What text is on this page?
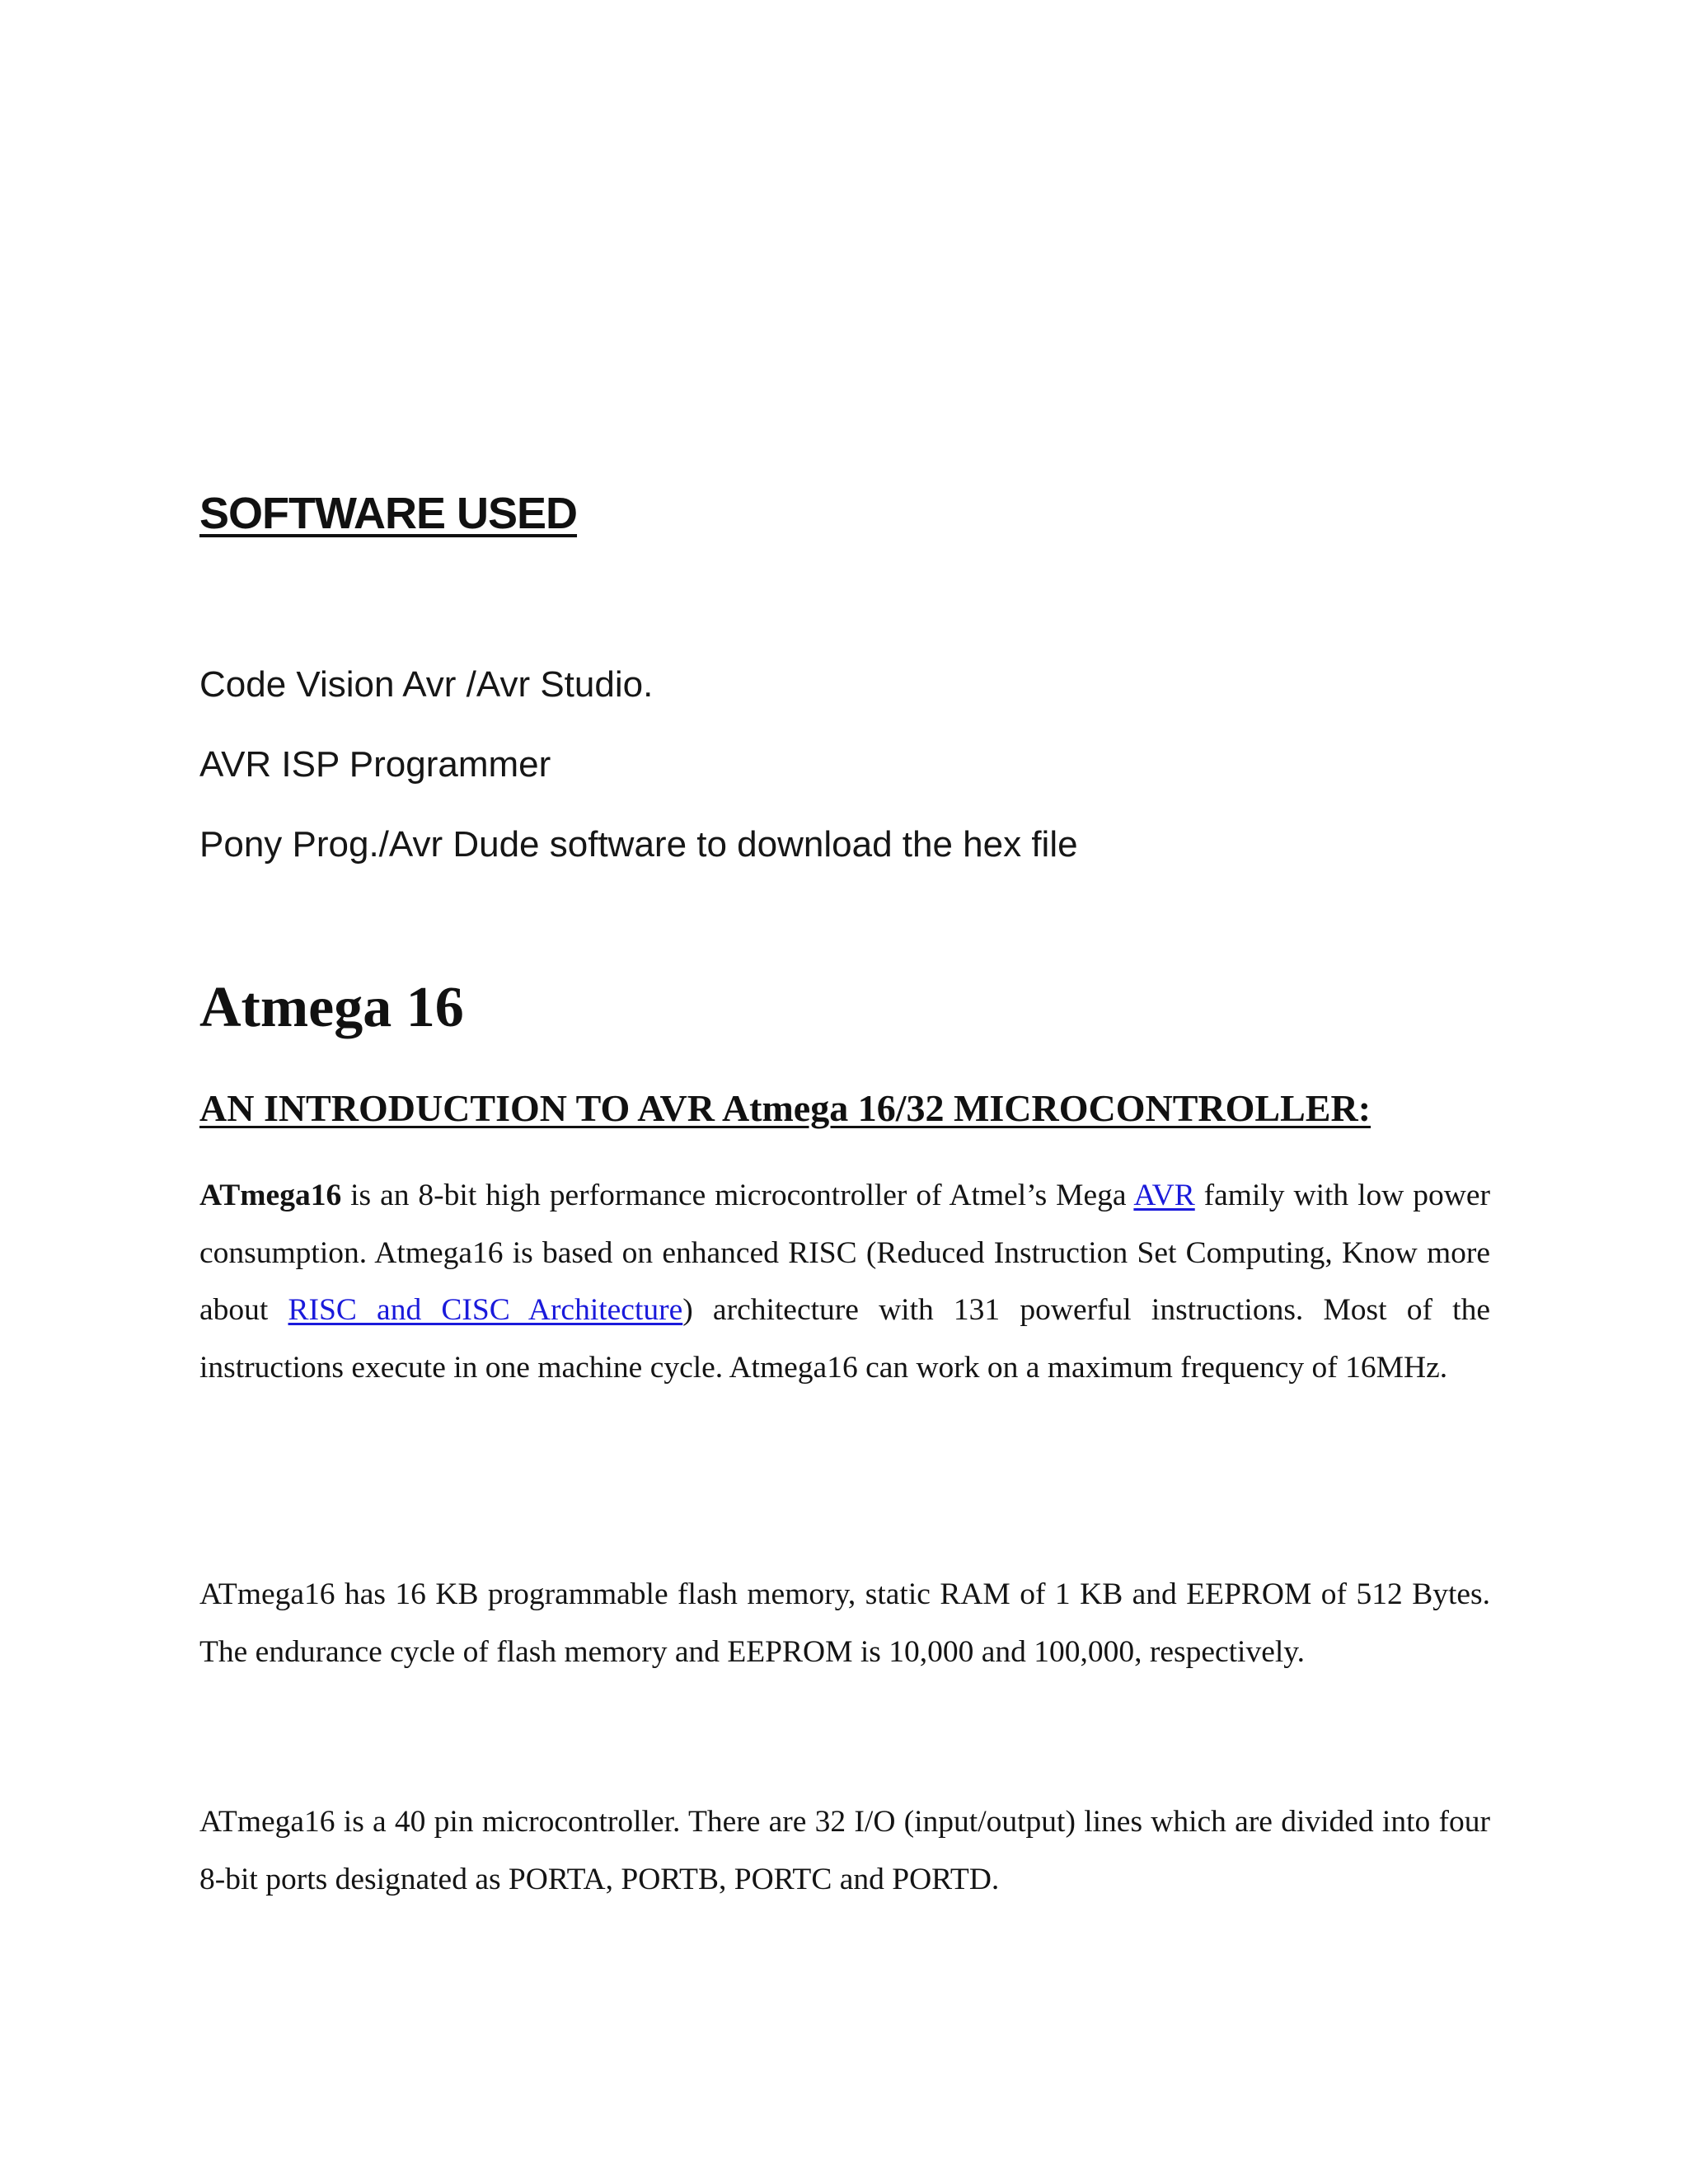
SOFTWARE USED
Code Vision Avr /Avr Studio.
AVR ISP Programmer
Pony Prog./Avr Dude software to download the hex file
Atmega 16
AN INTRODUCTION TO AVR Atmega 16/32 MICROCONTROLLER:

ATmega16 is an 8-bit high performance microcontroller of Atmel’s Mega AVR family with low power consumption. Atmega16 is based on enhanced RISC (Reduced Instruction Set Computing, Know more about RISC and CISC Architecture) architecture with 131 powerful instructions. Most of the instructions execute in one machine cycle. Atmega16 can work on a maximum frequency of 16MHz.

ATmega16 has 16 KB programmable flash memory, static RAM of 1 KB and EEPROM of 512 Bytes. The endurance cycle of flash memory and EEPROM is 10,000 and 100,000, respectively.

ATmega16 is a 40 pin microcontroller. There are 32 I/O (input/output) lines which are divided into four 8-bit ports designated as PORTA, PORTB, PORTC and PORTD.
